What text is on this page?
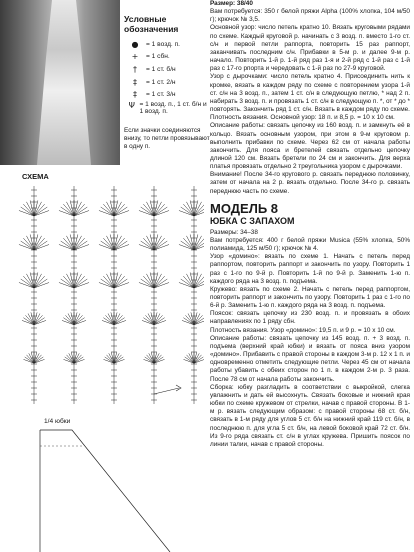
Условные обозначения
●	= 1 возд. п.
+	= 1 сбн.
†	= 1 ст. б/н
‡	= 1 ст. 2/н
‡	= 1 ст. 3/н
Ψ = 1 возд. п., 1 ст. б/н и 1 возд. п.
Если значки соединяются внизу, то петли провязывают в одну п.
СХЕМА
1/4 юбки

Размер: 38/40

Вам потребуется: 350 г белой пряжи Alpha (100% хлопка, 104 м/50 г); крючок № 3,5.

Основной узор: число петель кратно 10. Вязать круговыми рядами по схеме. Каждый круговой р. начинать с 3 возд. п. вместо 1-го ст. с/н и первой петли раппорта, повторить 15 раз раппорт, заканчивать последним с/н. Прибавки в 5-м р. и далее 9-м р. начало. Повторить 1-й р. 1-й ряд раз 1-я и 2-й ряд с 1-й раз с 1-й раз с 17-го рпорта и чередовать с 1-й раз по 27-9 круговой.

Узор с дырочками: число петель кратно 4. Присоединить нить к кромке, вязать в каждом ряду по схеме с повторением узора 1-й ст. с/н на 3 возд. п., затем 1 ст. с/н в следующую петлю, * над 2 п. набирать 3 возд. п. и провязать 1 ст. с/н в следующую п. *, от * до * повторять. Закончить ряд 1 ст. с/н. Вязать в каждом ряду по схеме.

Плотность вязания. Основной узор: 18 п. и 8,5 р. = 10 х 10 см.

Описание работы: связать цепочку из 160 возд. п. и замкнуть её в кольцо. Вязать основным узором, при этом в 9-м круговом р. выполнить прибавки по схеме. Через 62 см от начала работы закончить. Для пояса и бретелей связать отдельно цепочку длиной 120 см. Вязать бретели по 24 см и закончить. Для верха платья провязать отдельно 2 треугольника узором с дырочками.

Внимание! После 34-го кругового р. связать переднюю половинку, затем от начала на 2 р. вязать отдельно. После 34-го р. связать переднюю часть по схеме.

МОДЕЛЬ 8
ЮБКА С ЗАПАХОМ

Размеры: 34–38

Вам потребуется: 400 г белой пряжи Musica (55% хлопка, 50% полиамида, 125 м/50 г); крючок № 4.

Узор «домино»: вязать по схеме 1. Начать с петель перед раппортом, повторить раппорт и закончить по узору. Повторить 1 раз с 1-го по 9-й р. Повторить 1-й по 9-й р. Заменить 1-ю п. каждого ряда на 3 возд. п. подъема.

Кружево: вязать по схеме 2. Начать с петель перед раппортом, повторить раппорт и закончить по узору. Повторить 1 раз с 1-го по 6-й р. Заменить 1-ю п. каждого ряда на 3 возд. п. подъема.

Поясок: связать цепочку из 230 возд. п. и провязать в обоих направлениях по 1 ряду сбн.

Плотность вязания. Узор «домино»: 19,5 п. и 9 р. = 10 х 10 см.

Описание работы: связать цепочку из 145 возд. п. + 3 возд. п. подъема (верхний край юбки) и вязать от пояса вниз узором «домино». Прибавить с правой стороны в каждом 3-м р. 12 х 1 п. и одновременно отметить следующие петли. Через 45 см от начала работы убавить с обеих сторон по 1 п. в каждом 2-м р. 3 раза. После 78 см от начала работы закончить.

Сборка: юбку разгладить в соответствии с выкройкой, слегка увлажнить и дать ей высохнуть. Связать боковые и нижний края юбки по схеме кружевом от стрелки, начав с правой стороны. В 1-м р. вязать следующим образом: с правой стороны 68 ст. б/н, связать в 1-м ряду для углов 5 ст. б/н на нижний край 119 ст. б/н, в последнюю п. для угла 5 ст. б/н, на левой боковой край 72 ст. б/н. Из 9-го ряда связать ст. с/н в углах кружева. Пришить поясок по линии талии, начав с правой стороны.
